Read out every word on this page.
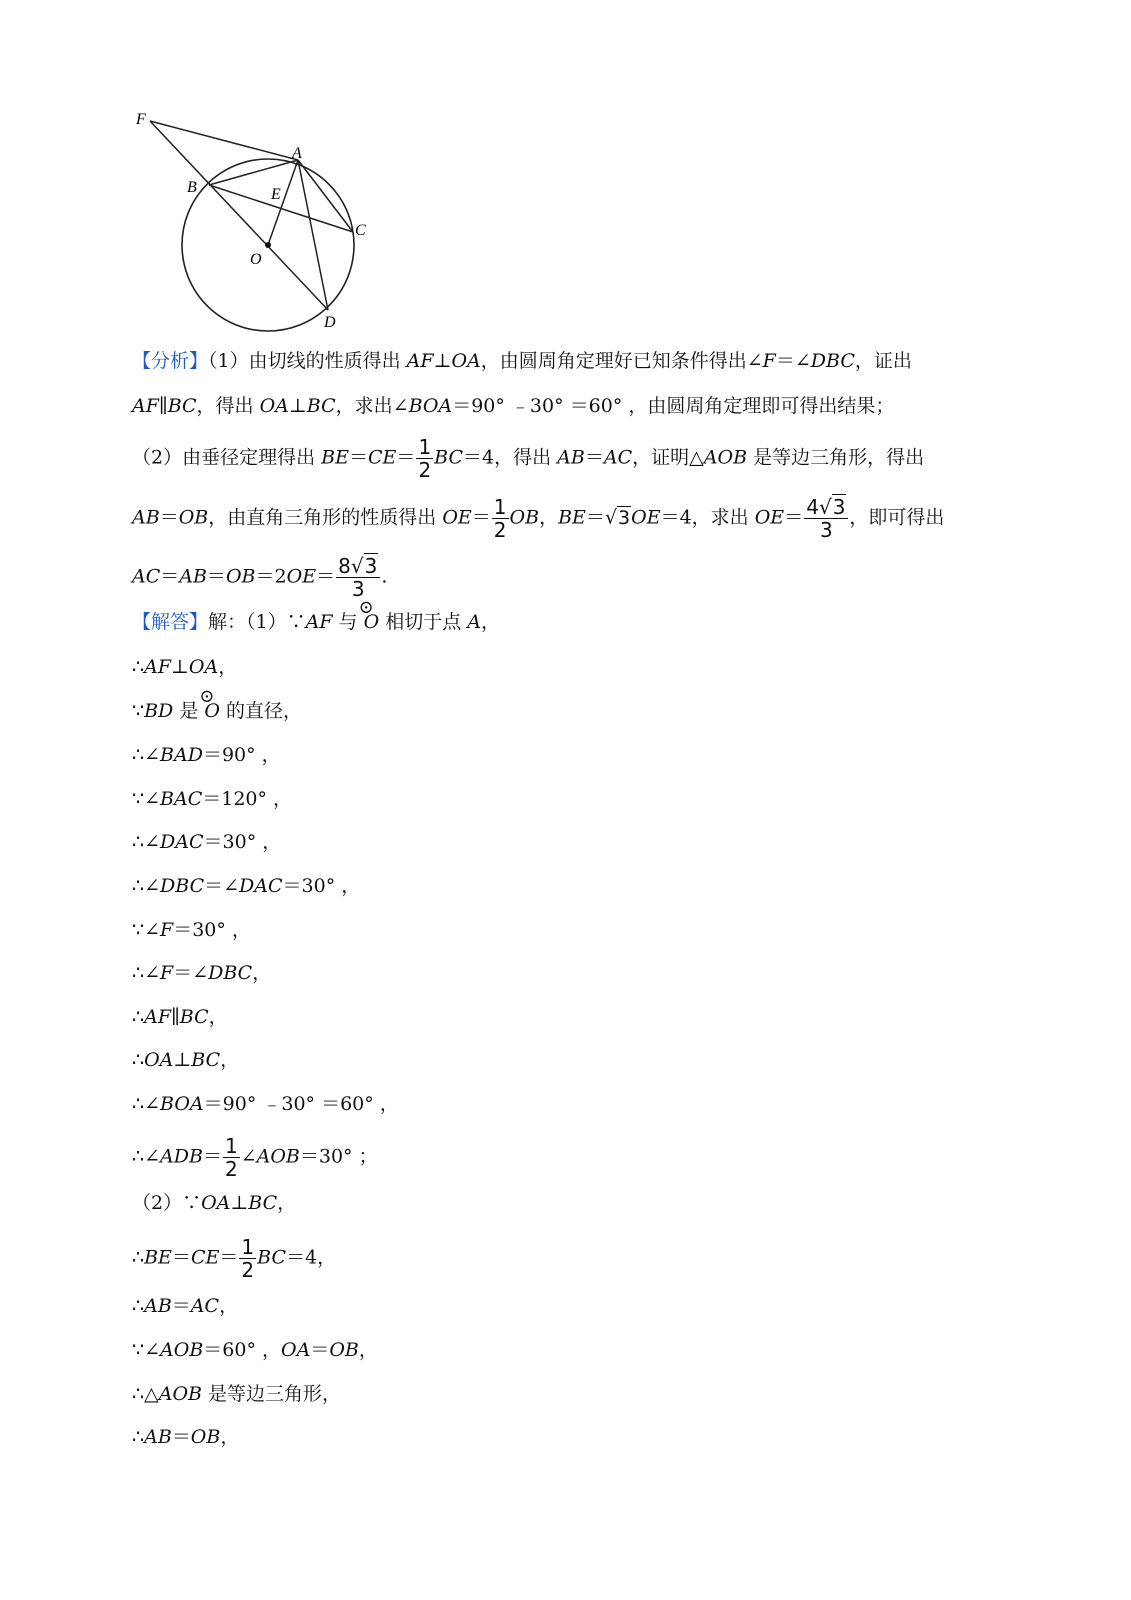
F
A
B	E
C
O
D
【分析】（1）由切线的性质得出 AF⊥OA，由圆周角定理好已知条件得出∠F＝∠DBC，证出
AF∥BC，得出 OA⊥BC，求出∠BOA＝90° ﹣30° ＝60° ，由圆周角定理即可得出结果；
（2）由垂径定理得出 $BE=CE= \frac{1}{2} BC=4$，得出 AB＝AC，证明△AOB 是等边三角形，得出
AB＝OB，由直角三角形的性质得出 $OE= \frac{1}{2}$ OB，BE＝√3OE＝4，求出 $OE= \frac{4√3}{3}$ ，即可得出
$AC=AB=OB=2OE= \frac{8√3}{3}$ .
【解答】解：（1）∵AF 与
⊙
O 相切于点 A，
∴AF⊥OA，
∵BD 是
⊙
O 的直径，
∴∠BAD＝90° ，
∵∠BAC＝120° ，
∴∠DAC＝30° ，
∴∠DBC＝∠DAC＝30° ，
∵∠F＝30° ，
∴∠F＝∠DBC，
∴AF∥BC，
∴OA⊥BC，
∴∠BOA＝90° ﹣30° ＝60° ，
∴∠ADB＝ $\frac{1}{2}$ ∠AOB＝30° ；
（2）∵OA⊥BC，
∴BE＝CE＝ $\frac{1}{2} BC=4$，
∴AB＝AC，
∵∠AOB＝60° ，OA＝OB，
∴△AOB 是等边三角形，
∴AB＝OB，
